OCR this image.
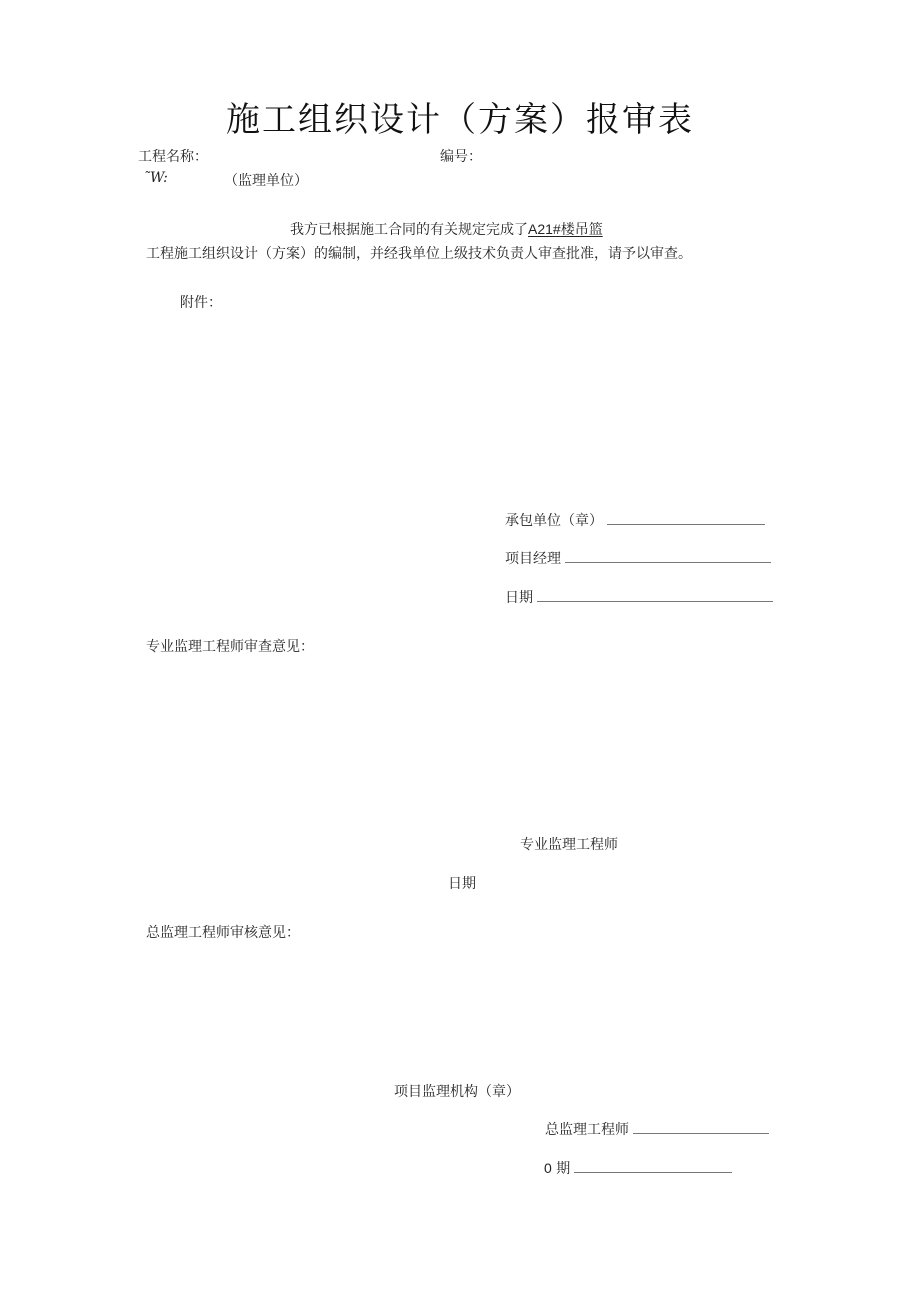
施工组织设计（方案）报审表
工程名称：	编号：
˜W:	（监理单位）
我方已根据施工合同的有关规定完成了A21#楼吊篮
工程施工组织设计（方案）的编制，并经我单位上级技术负责人审查批准，请予以审查。
附件：
承包单位（章）
项目经理
日期
专业监理工程师审查意见：
专业监理工程师
日期
总监理工程师审核意见：
项目监理机构（章）
总监理工程师
0 期
